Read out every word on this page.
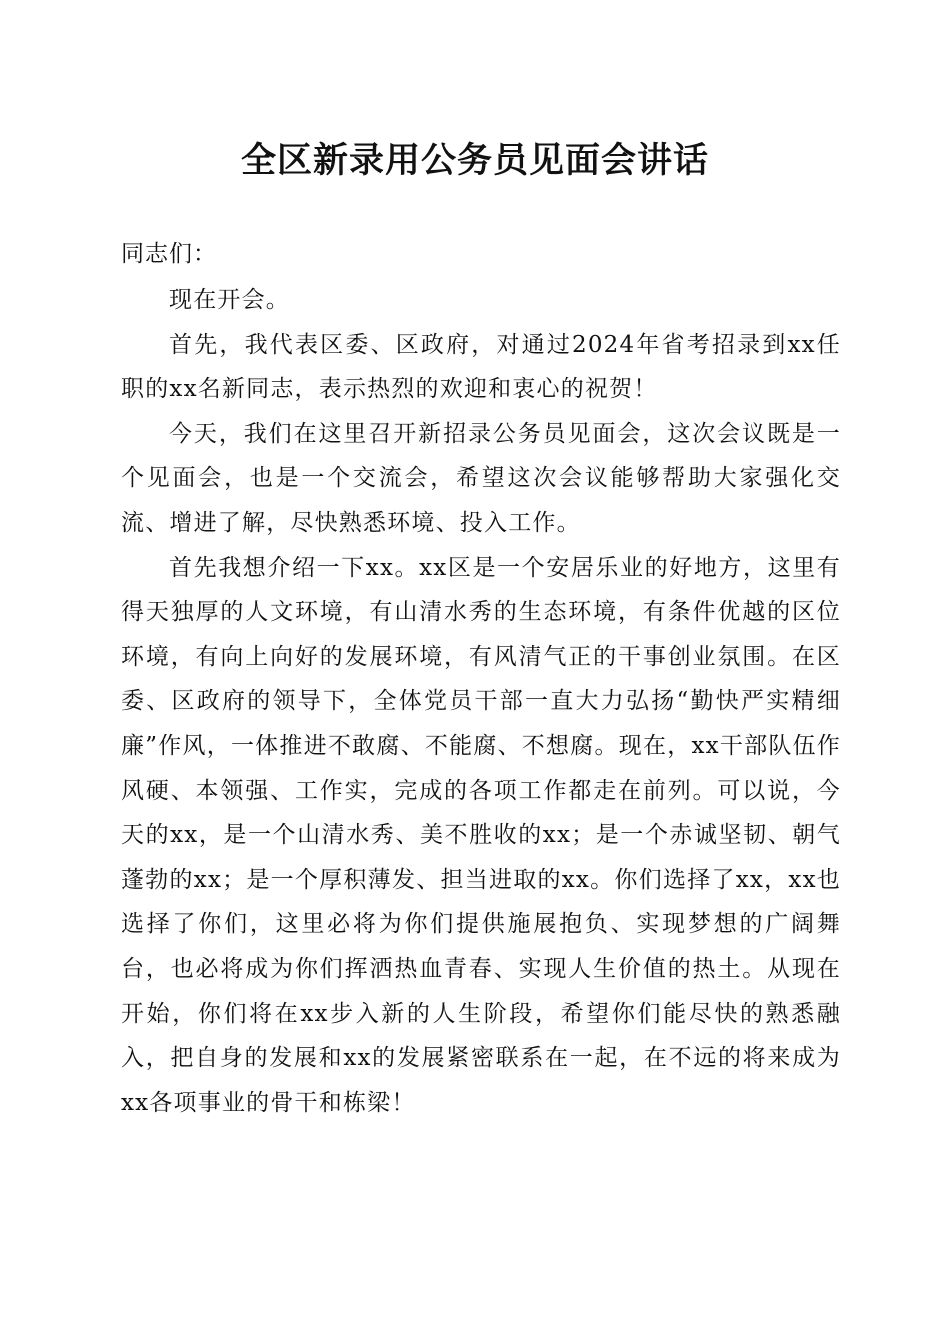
全区新录用公务员见面会讲话

同志们：

现在开会。

首先，我代表区委、区政府，对通过2024年省考招录到xx任职的xx名新同志，表示热烈的欢迎和衷心的祝贺！

今天，我们在这里召开新招录公务员见面会，这次会议既是一个见面会，也是一个交流会，希望这次会议能够帮助大家强化交流、增进了解，尽快熟悉环境、投入工作。

首先我想介绍一下xx。xx区是一个安居乐业的好地方，这里有得天独厚的人文环境，有山清水秀的生态环境，有条件优越的区位环境，有向上向好的发展环境，有风清气正的干事创业氛围。在区委、区政府的领导下，全体党员干部一直大力弘扬“勤快严实精细廉”作风，一体推进不敢腐、不能腐、不想腐。现在，xx干部队伍作风硬、本领强、工作实，完成的各项工作都走在前列。可以说，今天的xx，是一个山清水秀、美不胜收的xx；是一个赤诚坚韧、朝气蓬勃的xx；是一个厚积薄发、担当进取的xx。你们选择了xx，xx也选择了你们，这里必将为你们提供施展抱负、实现梦想的广阔舞台，也必将成为你们挥洒热血青春、实现人生价值的热土。从现在开始，你们将在xx步入新的人生阶段，希望你们能尽快的熟悉融入，把自身的发展和xx的发展紧密联系在一起，在不远的将来成为xx各项事业的骨干和栋梁！
